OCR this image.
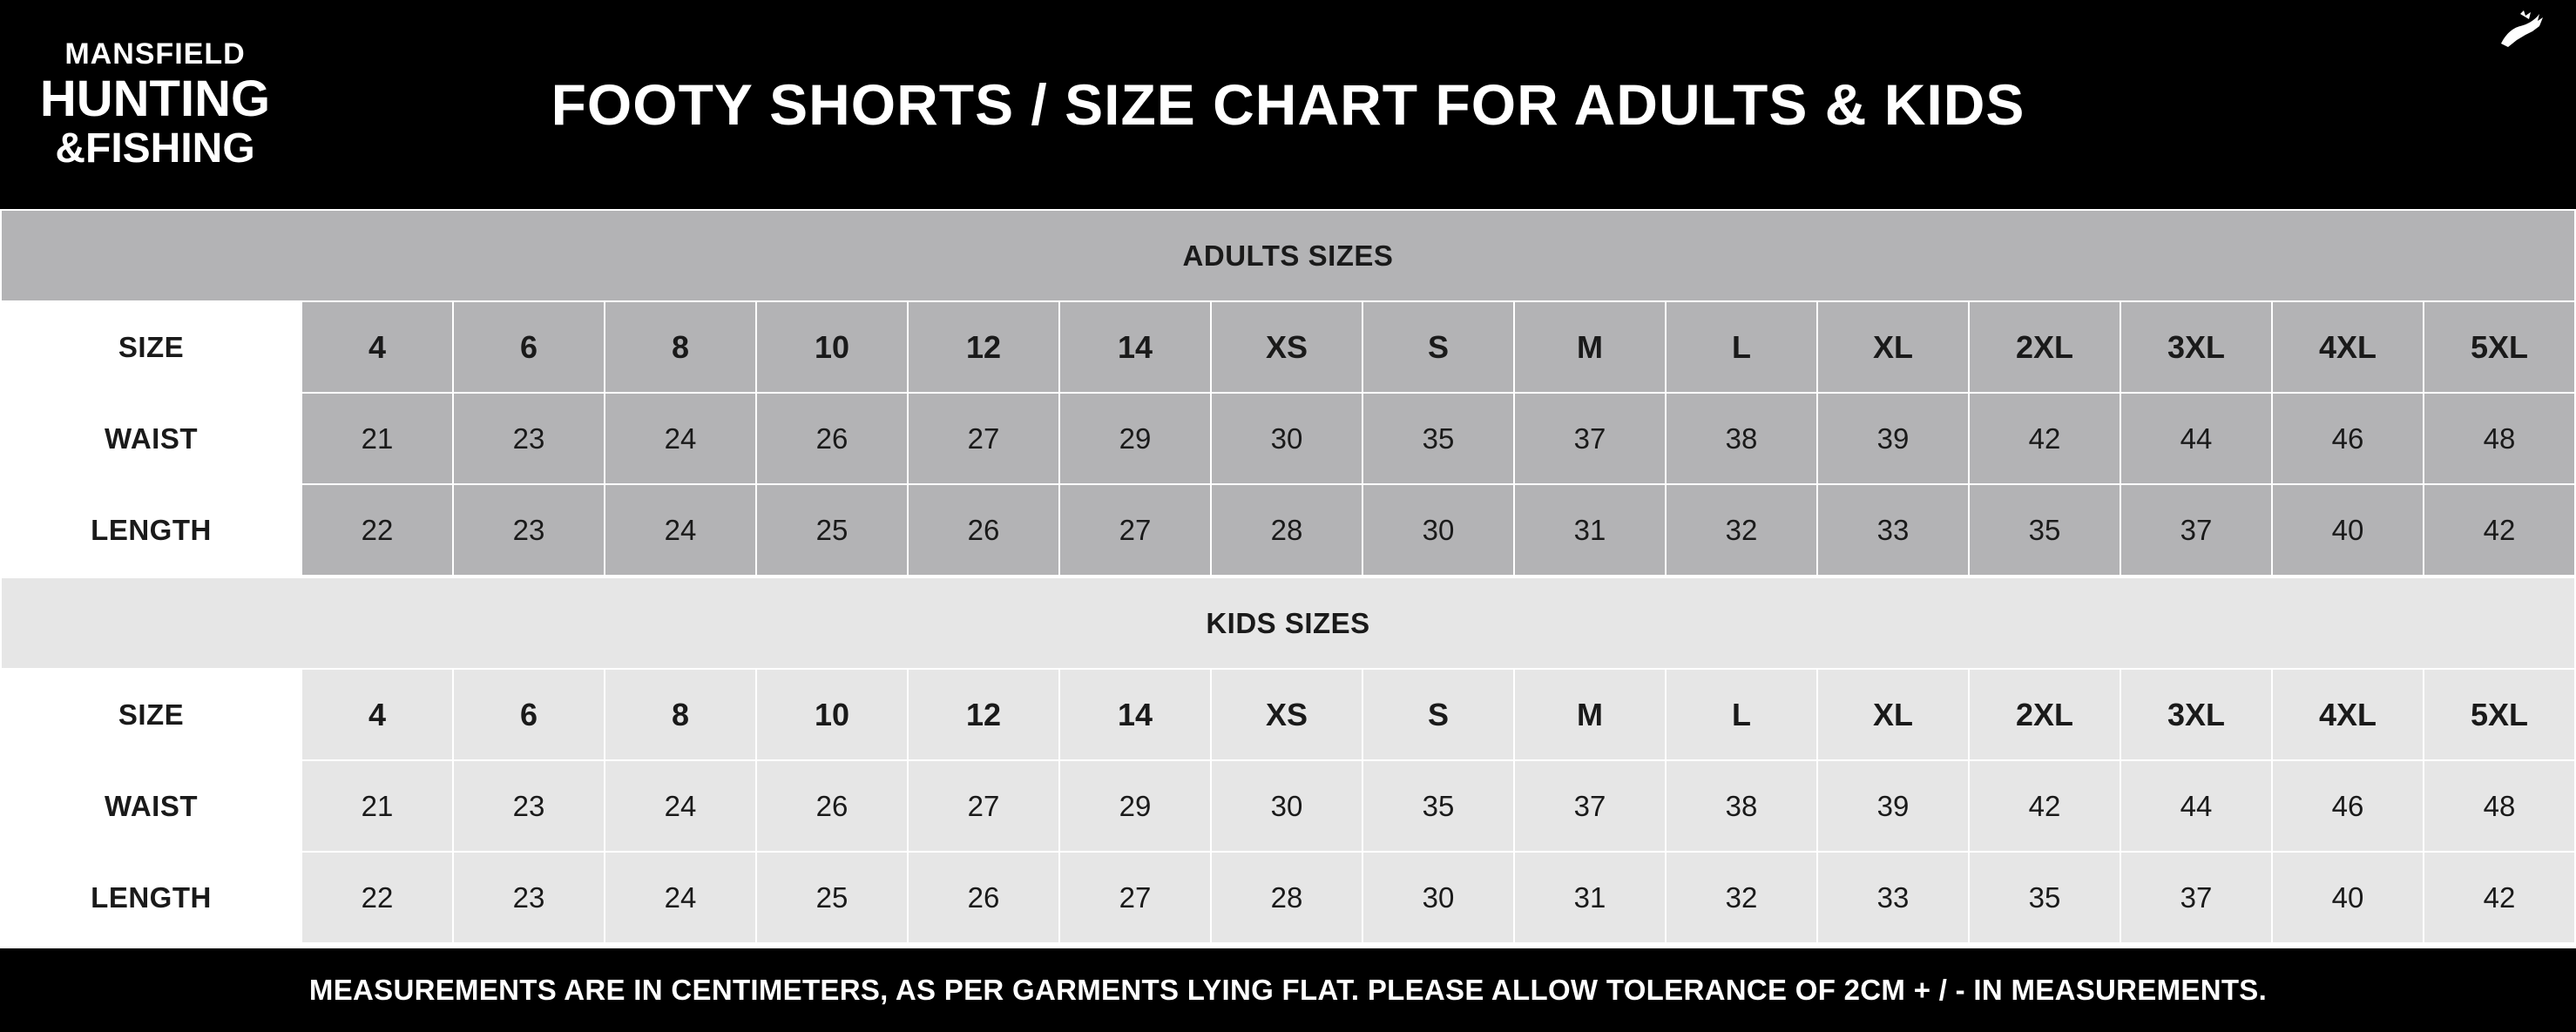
MANSFIELD
HUNTING
&FISHING
FOOTY SHORTS / SIZE CHART FOR ADULTS & KIDS
ADULTS SIZES															
SIZE	4	6	8	10	12	14	XS	S	M	L	XL	2XL	3XL	4XL	5XL
WAIST	21	23	24	26	27	29	30	35	37	38	39	42	44	46	48
LENGTH	22	23	24	25	26	27	28	30	31	32	33	35	37	40	42
KIDS SIZES															
SIZE	4	6	8	10	12	14	XS	S	M	L	XL	2XL	3XL	4XL	5XL
WAIST	21	23	24	26	27	29	30	35	37	38	39	42	44	46	48
LENGTH	22	23	24	25	26	27	28	30	31	32	33	35	37	40	42
MEASUREMENTS ARE IN CENTIMETERS, AS PER GARMENTS LYING FLAT. PLEASE ALLOW TOLERANCE OF 2CM + / - IN MEASUREMENTS.
